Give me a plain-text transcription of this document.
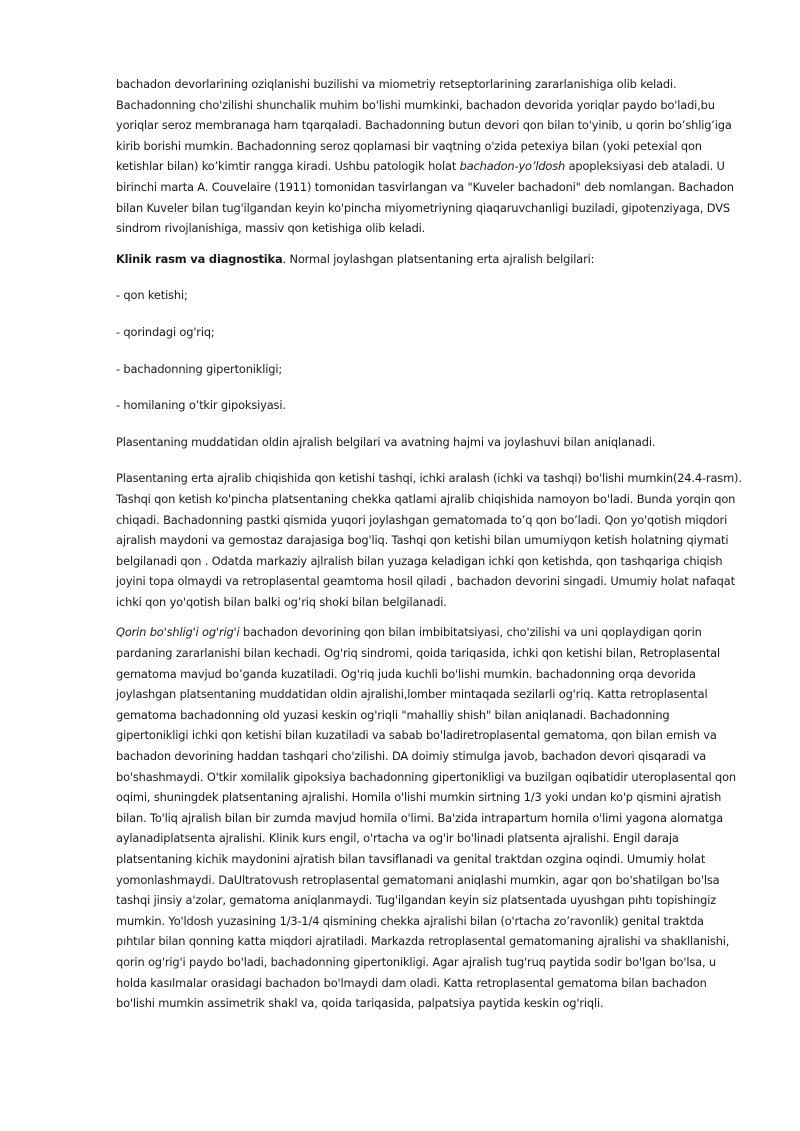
bachadon devorlarining oziqlanishi buzilishi va miometriy retseptorlarining zararlanishiga olib keladi. Bachadonning cho'zilishi shunchalik muhim bo'lishi mumkinki, bachadon devorida yoriqlar paydo bo'ladi,bu yoriqlar seroz membranaga ham tqarqaladi. Bachadonning butun devori qon bilan to'yinib, u qorin bo’shlig’iga kirib borishi mumkin. Bachadonning seroz qoplamasi bir vaqtning o'zida petexiya bilan (yoki petexial qon ketishlar bilan) ko’kimtir rangga kiradi. Ushbu patologik holat bachadon-yo’ldosh apopleksiyasi deb ataladi. U birinchi marta A. Couvelaire (1911) tomonidan tasvirlangan va "Kuveler bachadoni" deb nomlangan. Bachadon bilan Kuveler bilan tug'ilgandan keyin ko'pincha miyometriyning qiaqaruvchanligi buziladi, gipotenziyaga, DVS sindrom rivojlanishiga, massiv qon ketishiga olib keladi.

Klinik rasm va diagnostika. Normal joylashgan platsentaning erta ajralish belgilari:

- qon ketishi;

- qorindagi og'riq;

- bachadonning gipertonikligi;

- homilaning o’tkir gipoksiyasi.

Plasentaning muddatidan oldin ajralish belgilari va avatning hajmi va joylashuvi bilan aniqlanadi.

Plasentaning erta ajralib chiqishida qon ketishi tashqi, ichki aralash (ichki va tashqi) bo'lishi mumkin(24.4-rasm). Tashqi qon ketish ko'pincha platsentaning chekka qatlami ajralib chiqishida namoyon bo'ladi. Bunda yorqin qon chiqadi. Bachadonning pastki qismida yuqori joylashgan gematomada to’q qon bo’ladi. Qon yo'qotish miqdori ajralish maydoni va gemostaz darajasiga bog'liq. Tashqi qon ketishi bilan umumiyqon ketish holatning qiymati belgilanadi qon . Odatda markaziy ajlralish bilan yuzaga keladigan ichki qon ketishda, qon tashqariga chiqish joyini topa olmaydi va retroplasental geamtoma hosil qiladi , bachadon devorini singadi. Umumiy holat nafaqat ichki qon yo'qotish bilan balki og’riq shoki bilan belgilanadi.

Qorin bo'shlig'i og'rig'i bachadon devorining qon bilan imbibitatsiyasi, cho'zilishi va uni qoplaydigan qorin pardaning zararlanishi bilan kechadi. Og'riq sindromi, qoida tariqasida, ichki qon ketishi bilan, Retroplasental gematoma mavjud bo’ganda kuzatiladi. Og'riq juda kuchli bo'lishi mumkin. bachadonning orqa devorida joylashgan platsentaning muddatidan oldin ajralishi,lomber mintaqada sezilarli og'riq. Katta retroplasental gematoma bachadonning old yuzasi keskin og'riqli "mahalliy shish" bilan aniqlanadi. Bachadonning gipertonikligi ichki qon ketishi bilan kuzatiladi va sabab bo'ladiretroplasental gematoma, qon bilan emish va bachadon devorining haddan tashqari cho'zilishi. DA doimiy stimulga javob, bachadon devori qisqaradi va bo'shashmaydi. O'tkir xomilalik gipoksiya bachadonning gipertonikligi va buzilgan oqibatidir uteroplasental qon oqimi, shuningdek platsentaning ajralishi. Homila o'lishi mumkin sirtning 1/3 yoki undan ko'p qismini ajratish bilan. To'liq ajralish bilan bir zumda mavjud homila o'limi. Ba'zida intrapartum homila o'limi yagona alomatga aylanadiplatsenta ajralishi. Klinik kurs engil, o'rtacha va og'ir bo'linadi platsenta ajralishi. Engil daraja platsentaning kichik maydonini ajratish bilan tavsiflanadi va genital traktdan ozgina oqindi. Umumiy holat yomonlashmaydi. DaUltratovush retroplasental gematomani aniqlashi mumkin, agar qon bo'shatilgan bo'lsa tashqi jinsiy a'zolar, gematoma aniqlanmaydi. Tug'ilgandan keyin siz platsentada uyushgan pıhtı topishingiz mumkin. Yo'ldosh yuzasining 1/3-1/4 qismining chekka ajralishi bilan (o'rtacha zo’ravonlik) genital traktda pıhtılar bilan qonning katta miqdori ajratiladi. Markazda retroplasental gematomaning ajralishi va shakllanishi, qorin og'rig'i paydo bo'ladi, bachadonning gipertonikligi. Agar ajralish tug'ruq paytida sodir bo'lgan bo'lsa, u holda kasılmalar orasidagi bachadon bo'lmaydi dam oladi. Katta retroplasental gematoma bilan bachadon bo'lishi mumkin assimetrik shakl va, qoida tariqasida, palpatsiya paytida keskin og'riqli.
